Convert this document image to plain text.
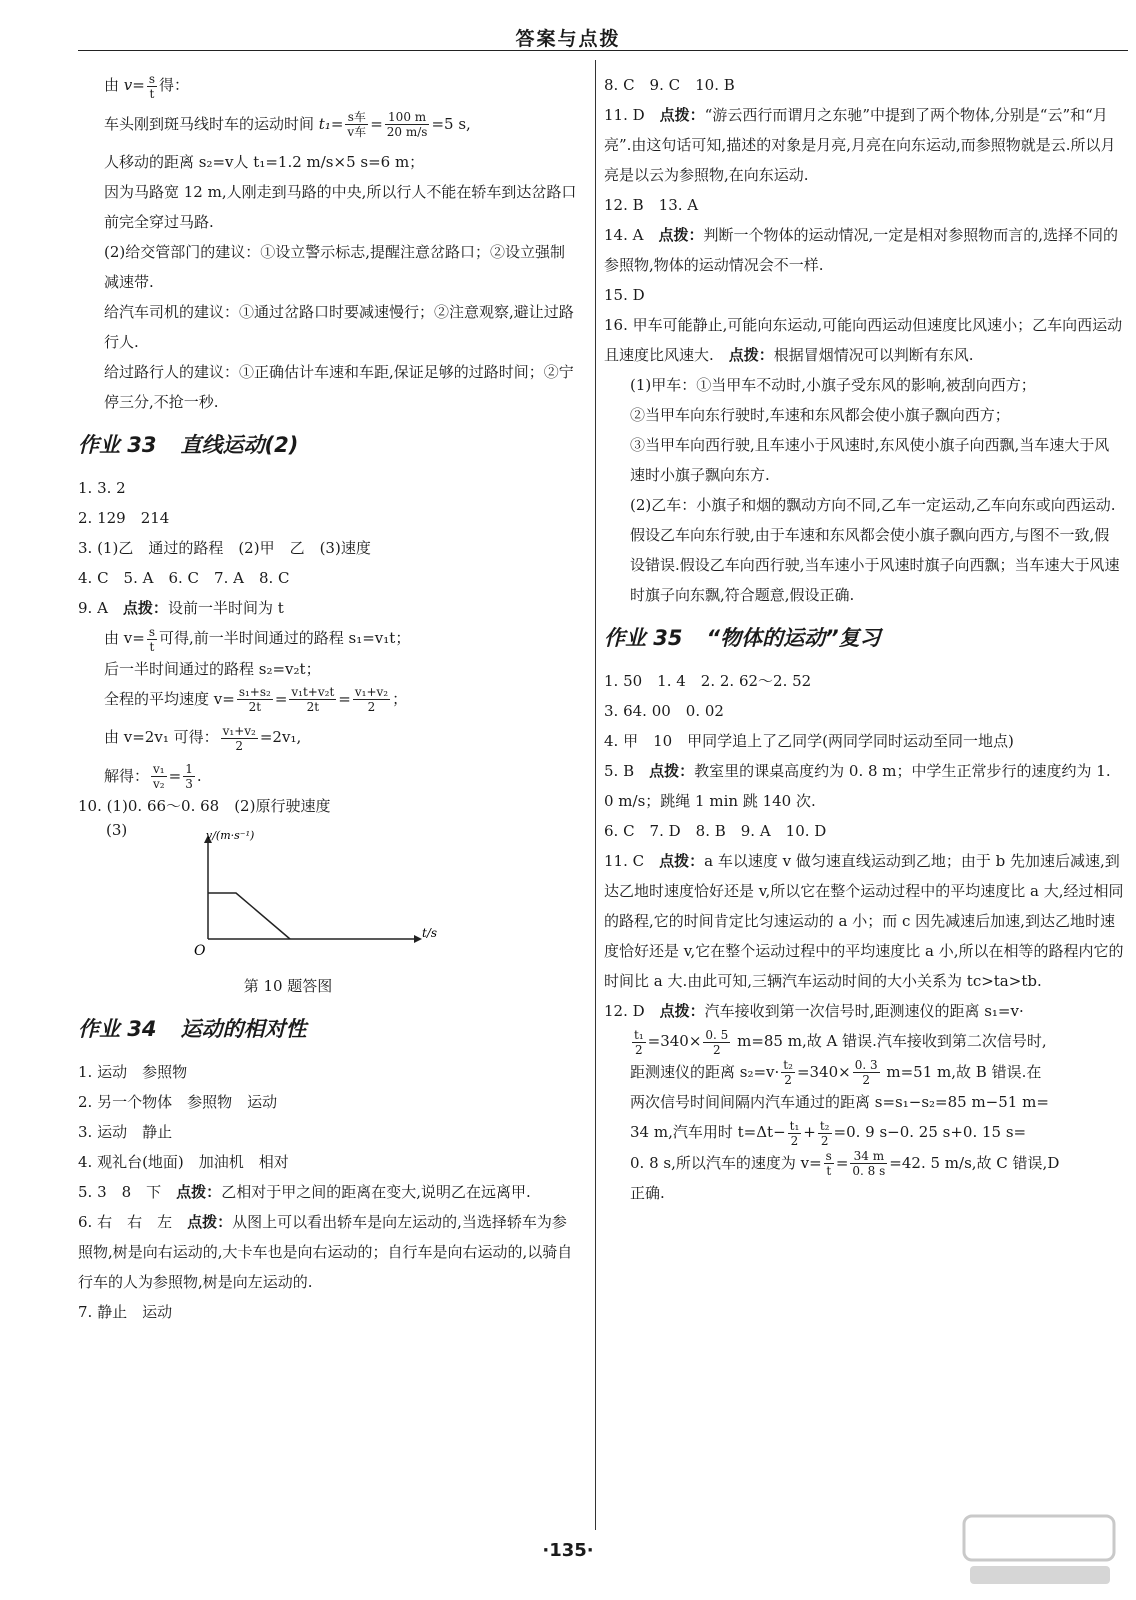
答案与点拨

由 $v= \frac{s}{t}$ 得：

车头刚到斑马线时车的运动时间 $t_1= \frac{\text{s车}}{\text{v车}} = \frac{100 m}{20 m/s} =5$ s,

人移动的距离 s₂=v人 t₁=1.2 m/s×5 s=6 m；

因为马路宽 12 m,人刚走到马路的中央,所以行人不能在轿车到达岔路口前完全穿过马路.

(2)给交管部门的建议：①设立警示标志,提醒注意岔路口；②设立强制减速带.

给汽车司机的建议：①通过岔路口时要减速慢行；②注意观察,避让过路行人.

给过路行人的建议：①正确估计车速和车距,保证足够的过路时间；②宁停三分,不抢一秒.

作业 33 直线运动(2)

1. 3. 2

2. 129　214

3. (1)乙　通过的路程　(2)甲　乙　(3)速度

4. C　5. A　6. C　7. A　8. C

9. A　点拨：设前一半时间为 t

由 $v= \frac{s}{t}$ 可得,前一半时间通过的路程 s₁=v₁t；

后一半时间通过的路程 s₂=v₂t；

全程的平均速度 $v= \frac{\text{s₁+s₂}}{2t} = \frac{\text{v₁t+v₂t}}{2t} = \frac{\text{v₁+v₂}}{2}$ ；

由 v=2v₁ 可得： $\frac{\text{v₁+v₂}}{2} =2v_1$,

解得： $\frac{\text{v₁}}{\text{v₂}} = \frac{1}{3}$ .

10. (1)0. 66～0. 68　(2)原行驶速度

(3)	v/(m·s⁻¹)
t/s
O

第 10 题答图

作业 34 运动的相对性

1. 运动　参照物

2. 另一个物体　参照物　运动

3. 运动　静止

4. 观礼台(地面)　加油机　相对

5. 3　8　下　点拨：乙相对于甲之间的距离在变大,说明乙在远离甲.

6. 右　右　左　点拨：从图上可以看出轿车是向左运动的,当选择轿车为参照物,树是向右运动的,大卡车也是向右运动的；自行车是向右运动的,以骑自行车的人为参照物,树是向左运动的.

7. 静止　运动

8. C　9. C　10. B

11. D　点拨：“游云西行而谓月之东驰”中提到了两个物体,分别是“云”和“月亮”.由这句话可知,描述的对象是月亮,月亮在向东运动,而参照物就是云.所以月亮是以云为参照物,在向东运动.

12. B　13. A

14. A　点拨：判断一个物体的运动情况,一定是相对参照物而言的,选择不同的参照物,物体的运动情况会不一样.

15. D

16. 甲车可能静止,可能向东运动,可能向西运动但速度比风速小；乙车向西运动且速度比风速大.　点拨：根据冒烟情况可以判断有东风.

(1)甲车：①当甲车不动时,小旗子受东风的影响,被刮向西方；

②当甲车向东行驶时,车速和东风都会使小旗子飘向西方；

③当甲车向西行驶,且车速小于风速时,东风使小旗子向西飘,当车速大于风速时小旗子飘向东方.

(2)乙车：小旗子和烟的飘动方向不同,乙车一定运动,乙车向东或向西运动.假设乙车向东行驶,由于车速和东风都会使小旗子飘向西方,与图不一致,假设错误.假设乙车向西行驶,当车速小于风速时旗子向西飘；当车速大于风速时旗子向东飘,符合题意,假设正确.

作业 35 “物体的运动”复习

1. 50　1. 4　2. 2. 62～2. 52

3. 64. 00　0. 02

4. 甲　10　甲同学追上了乙同学(两同学同时运动至同一地点)

5. B　点拨：教室里的课桌高度约为 0. 8 m；中学生正常步行的速度约为 1. 0 m/s；跳绳 1 min 跳 140 次.

6. C　7. D　8. B　9. A　10. D

11. C　点拨：a 车以速度 v 做匀速直线运动到乙地；由于 b 先加速后减速,到达乙地时速度恰好还是 v,所以它在整个运动过程中的平均速度比 a 大,经过相同的路程,它的时间肯定比匀速运动的 a 小；而 c 因先减速后加速,到达乙地时速度恰好还是 v,它在整个运动过程中的平均速度比 a 小,所以在相等的路程内它的时间比 a 大.由此可知,三辆汽车运动时间的大小关系为 tc>ta>tb.

12. D　点拨：汽车接收到第一次信号时,距测速仪的距离 s₁=v·

$\frac{\text{t₁}}{2} =340\times \frac{0. 5}{2} m=85$ m,故 A 错误.汽车接收到第二次信号时,

距测速仪的距离 $s_2=v\cdot \frac{\text{t₂}}{2} =340\times \frac{0. 3}{2} m=51$ m,故 B 错误.在

两次信号时间间隔内汽车通过的距离 s=s₁−s₂=85 m−51 m=

34 m,汽车用时 $t=\Delta t- \frac{\text{t₁}}{2} + \frac{\text{t₂}}{2} =0$. 9 s−0. 25 s+0. 15 s=

0. 8 s,所以汽车的速度为 $v= \frac{s}{t} = \frac{34 m}{0. 8 s} =42$. 5 m/s,故 C 错误,D

正确.

·135·
